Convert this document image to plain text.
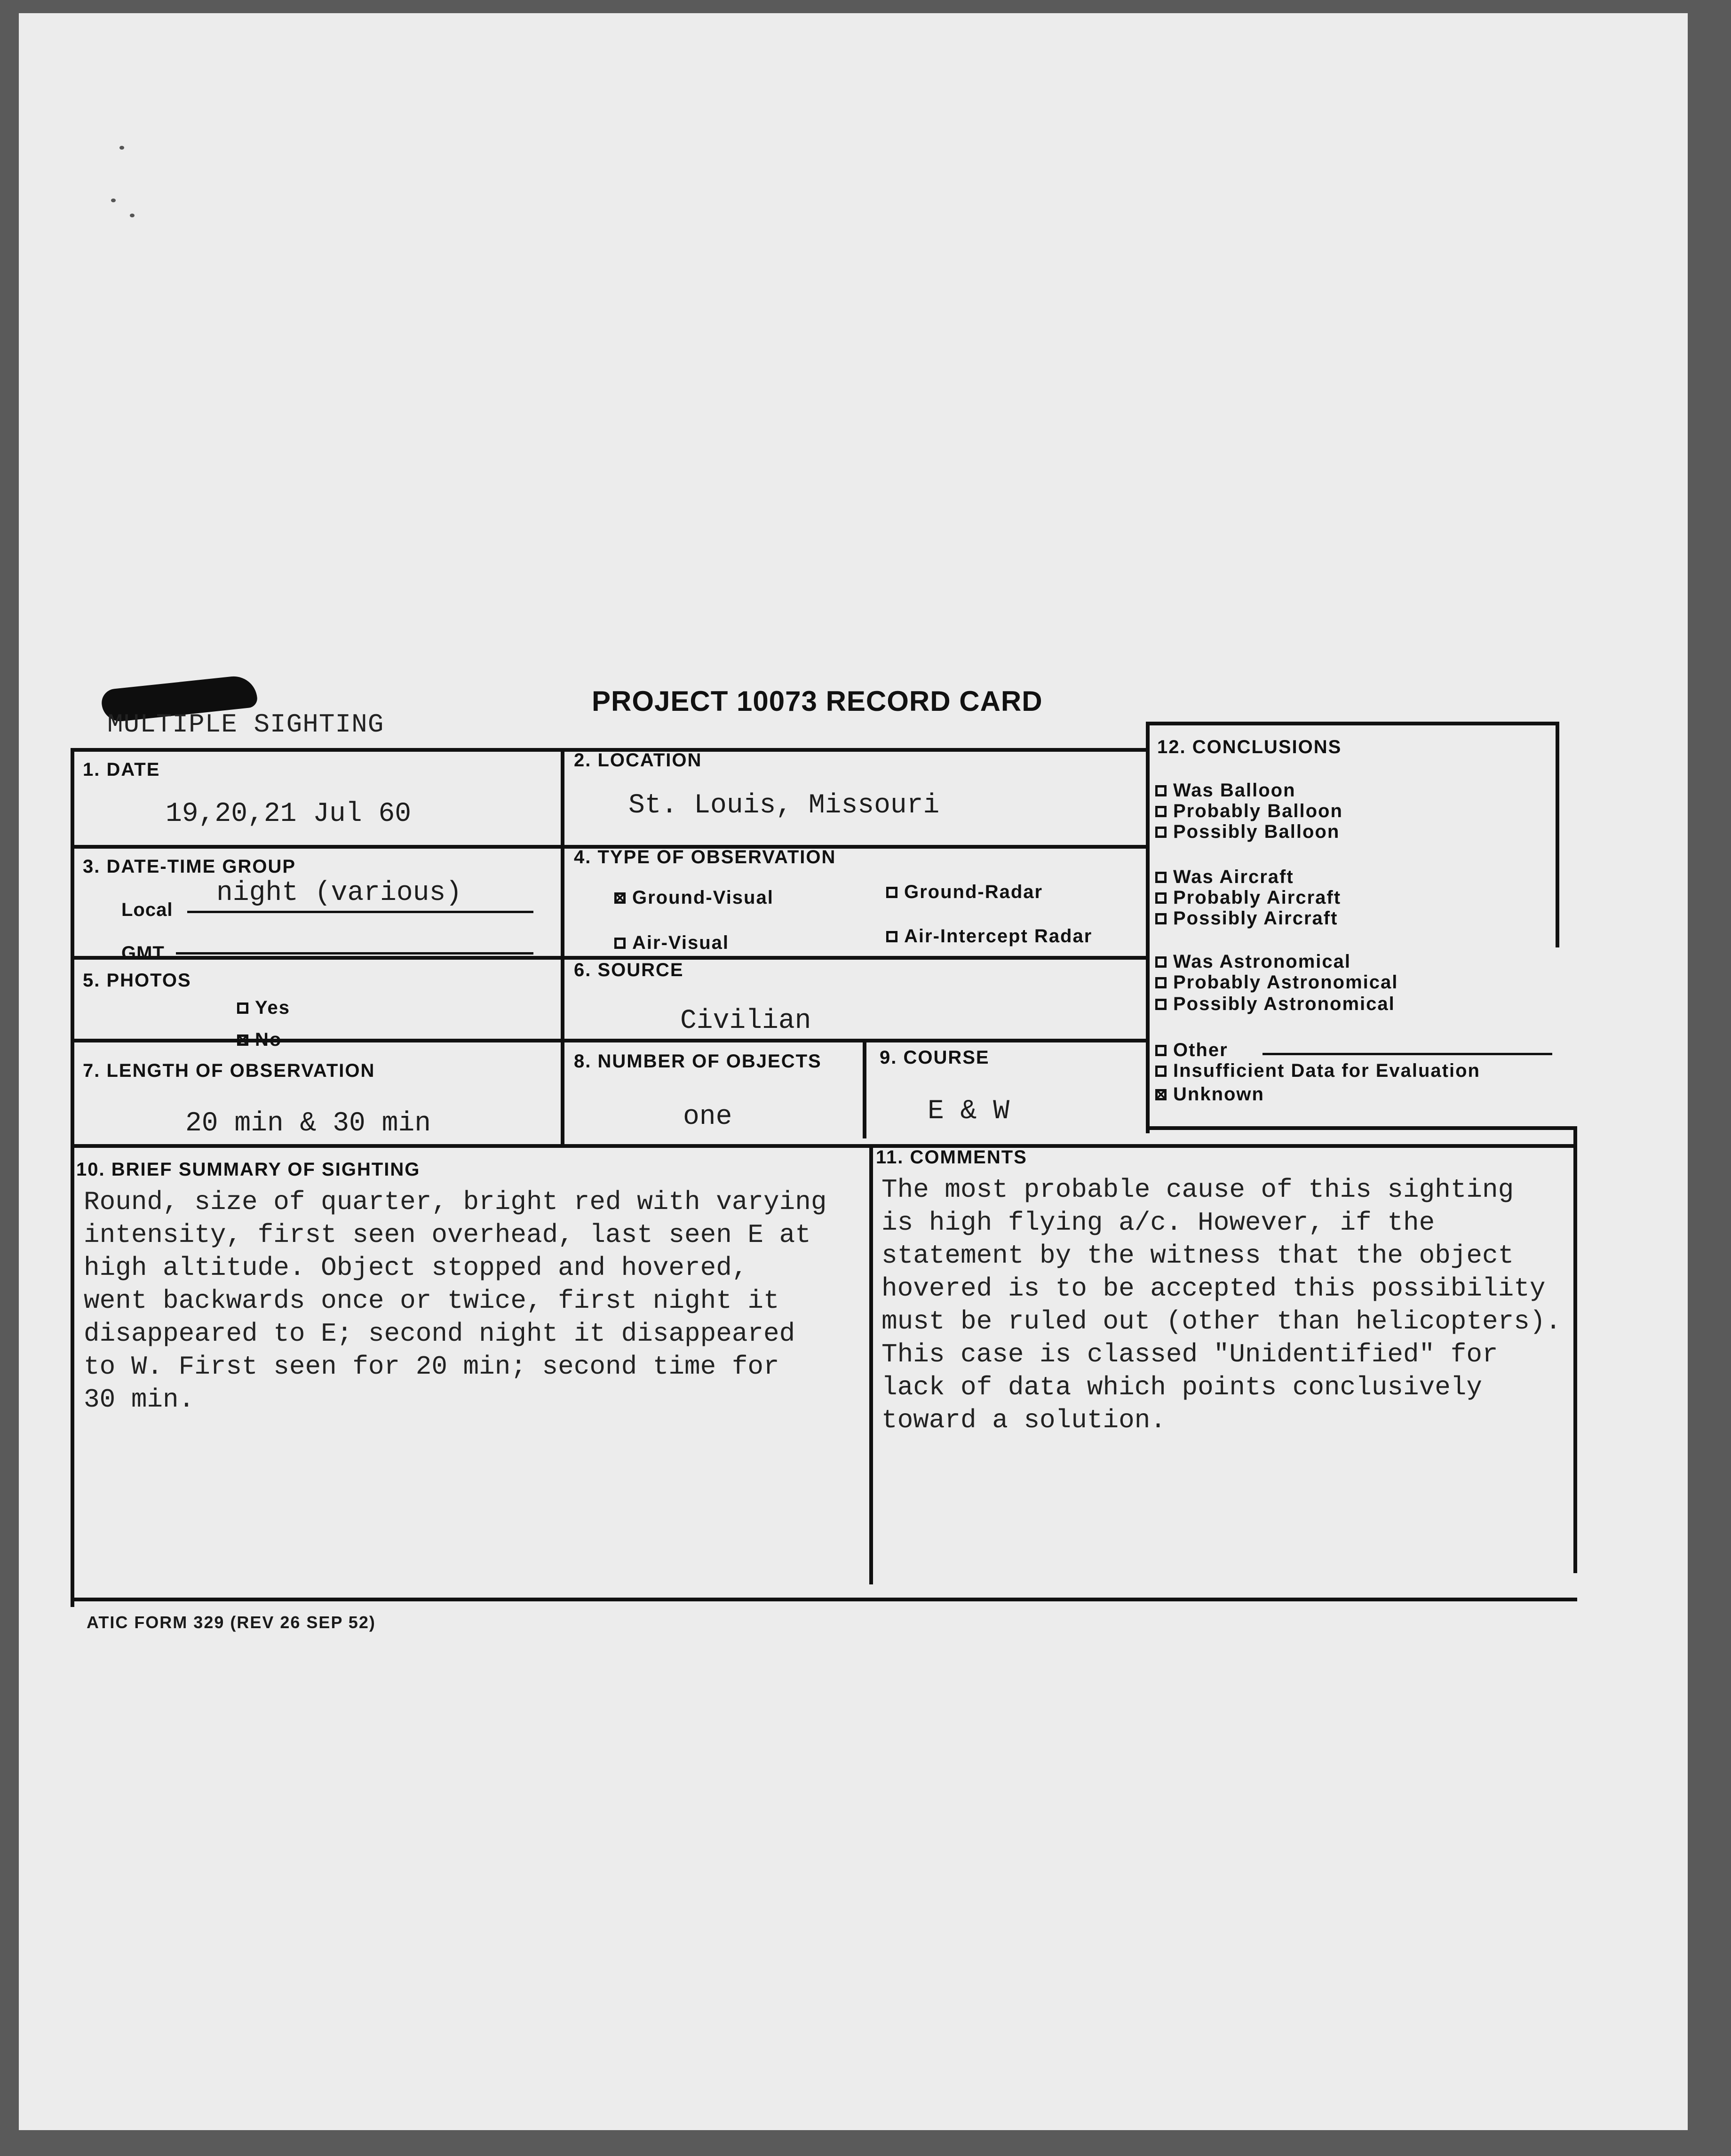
MULTIPLE SIGHTING
PROJECT 10073 RECORD CARD
1. DATE
19,20,21 Jul 60
2. LOCATION
St. Louis, Missouri
3. DATE-TIME GROUP
Local
night (various)
GMT
4. TYPE OF OBSERVATION
Ground-Visual	Ground-Radar
Air-Visual	Air-Intercept Radar
5. PHOTOS
Yes
No
6. SOURCE
Civilian
7. LENGTH OF OBSERVATION
20 min & 30 min
8. NUMBER OF OBJECTS
one
9. COURSE
E & W
10. BRIEF SUMMARY OF SIGHTING
Round, size of quarter, bright red with varying
intensity, first seen overhead, last seen E at
high altitude. Object stopped and hovered,
went backwards once or twice, first night it
disappeared to E; second night it disappeared
to W. First seen for 20 min; second time for
30 min.
11. COMMENTS
The most probable cause of this sighting
is high flying a/c. However, if the
statement by the witness that the object
hovered is to be accepted this possibility
must be ruled out (other than helicopters).
This case is classed "Unidentified" for
lack of data which points conclusively
toward a solution.
12. CONCLUSIONS
Was Balloon
Probably Balloon
Possibly Balloon
Was Aircraft
Probably Aircraft
Possibly Aircraft
Was Astronomical
Probably Astronomical
Possibly Astronomical
Other
Insufficient Data for Evaluation
Unknown
ATIC FORM 329 (REV 26 SEP 52)
